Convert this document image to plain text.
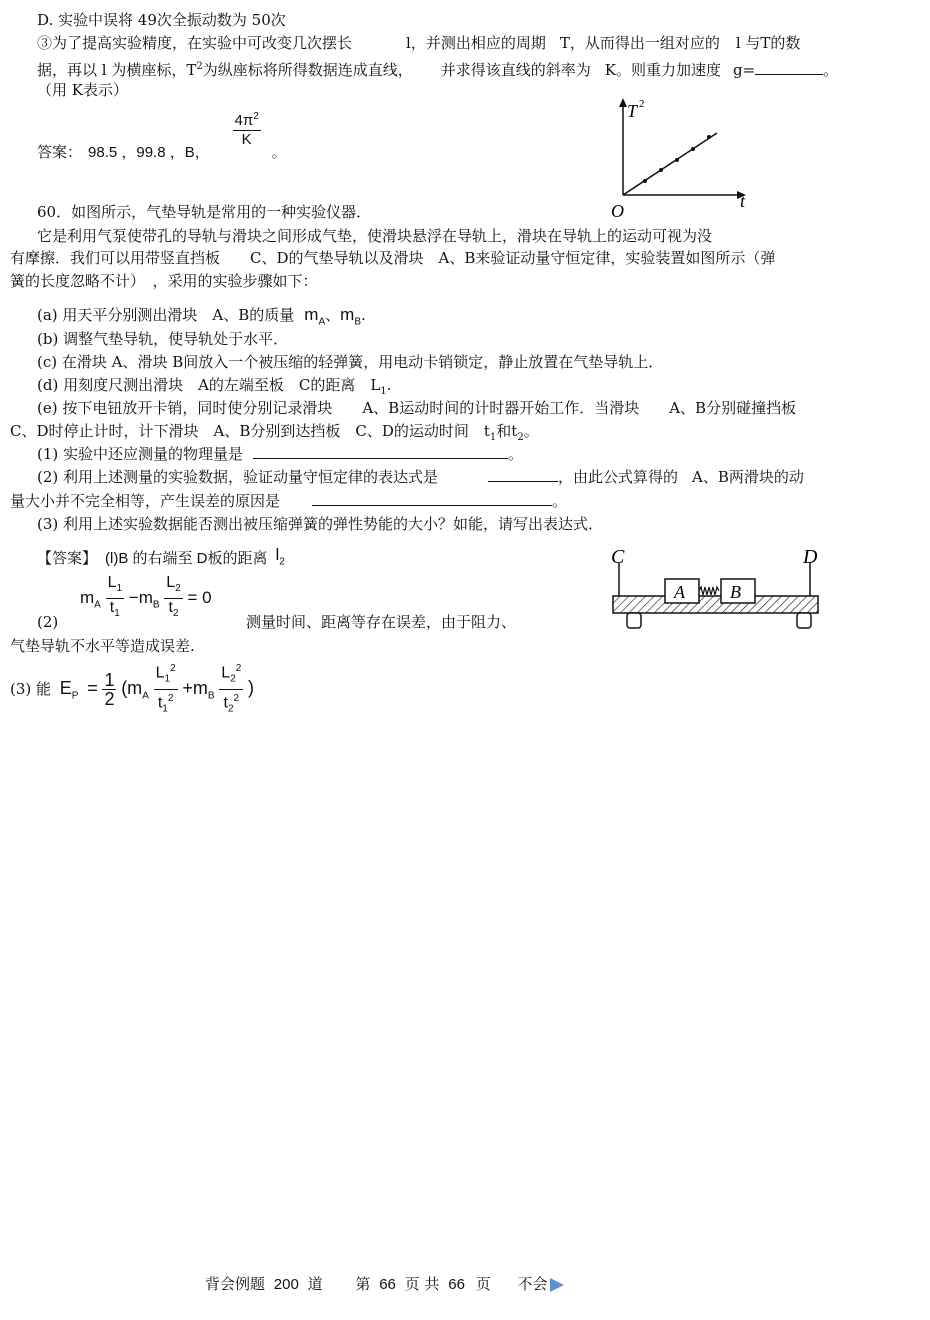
D. 实验中误将 49次全振动数为 50次
③为了提高实验精度，在实验中可改变几次摆长	l，并测出相应的周期 T，从而得出一组对应的 l 与T的数
据，再以 l 为横座标，$T^2$为纵座标将所得数据连成直线， 并求得该直线的斜率为 K。则重力加速度 g=	。
（用 K表示）
答案： 98.5 ，99.8 ，B，
$\frac{4\pi^2}{K}$
。
T 2
t
O
60．如图所示，气垫导轨是常用的一种实验仪器．
它是利用气泵使带孔的导轨与滑块之间形成气垫，使滑块悬浮在导轨上，滑块在导轨上的运动可视为没
有摩擦．我们可以用带竖直挡板　　C、D的气垫导轨以及滑块　A、B来验证动量守恒定律，实验装置如图所示（弹
簧的长度忽略不计）　，采用的实验步骤如下：
(a) 用天平分别测出滑块　A、B的质量 $m_A$、$m_B$.
(b) 调整气垫导轨，使导轨处于水平．
(c) 在滑块 A、滑块 B间放入一个被压缩的轻弹簧，用电动卡销锁定，静止放置在气垫导轨上．
(d) 用刻度尺测出滑块　A的左端至板　C的距离　$L_1$.
(e) 按下电钮放开卡销，同时使分别记录滑块　　A、B运动时间的计时器开始工作．当滑块　　A、B分别碰撞挡板
C、D时停止计时，计下滑块　A、B分别到达挡板　C、D的运动时间　$t_1$和$t_2$。
(1) 实验中还应测量的物理量是	。
(2) 利用上述测量的实验数据，验证动量守恒定律的表达式是	，由此公式算得的 A、B两滑块的动
量大小并不完全相等，产生误差的原因是	。
(3) 利用上述实验数据能否测出被压缩弹簧的弹性势能的大小？如能，请写出表达式．
【答案】 (l)B 的右端至 D板的距离 $l_2$
(2)
$m_A \frac{L_1}{t_1} -m_B \frac{L_2}{t_2} = 0$
测量时间、距离等存在误差，由于阻力、
气垫导轨不水平等造成误差.
C	D
A	B
(3) 能 $E_P = \frac{1}{2} (m_A \frac{L_1^2}{t_1^2} +m_B \frac{L_2^2}{t_2^2}$ )
背会例题 200 道 第 66 页 共 66 页 不会
